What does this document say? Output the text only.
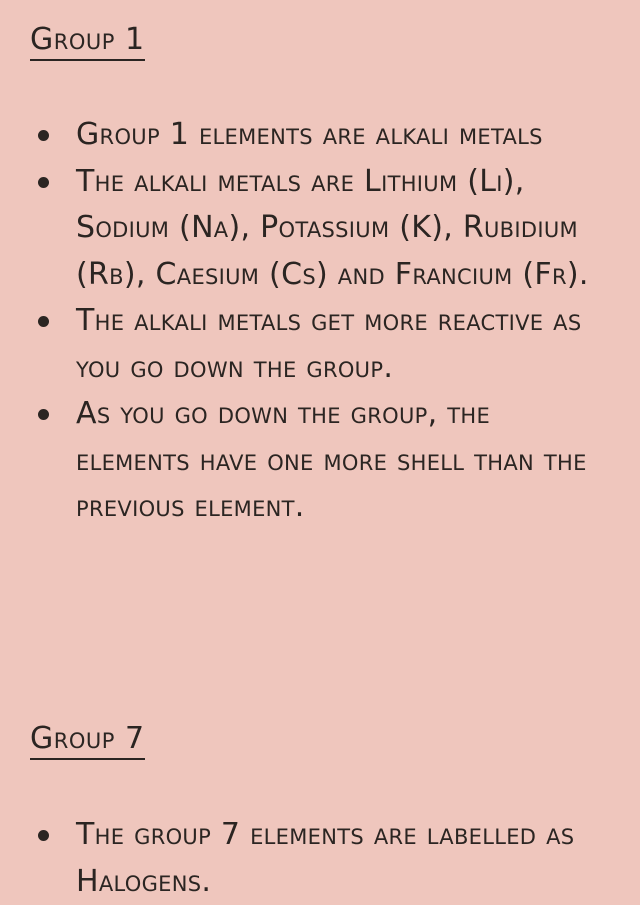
Group 1
Group 1 elements are alkali metals
The alkali metals are Lithium (Li), Sodium (Na), Potassium (K), Rubidium (Rb), Caesium (Cs) and Francium (Fr).
The alkali metals get more reactive as you go down the group.
As you go down the group, the elements have one more shell than the previous element.
Group 7
The group 7 elements are labelled as Halogens.
